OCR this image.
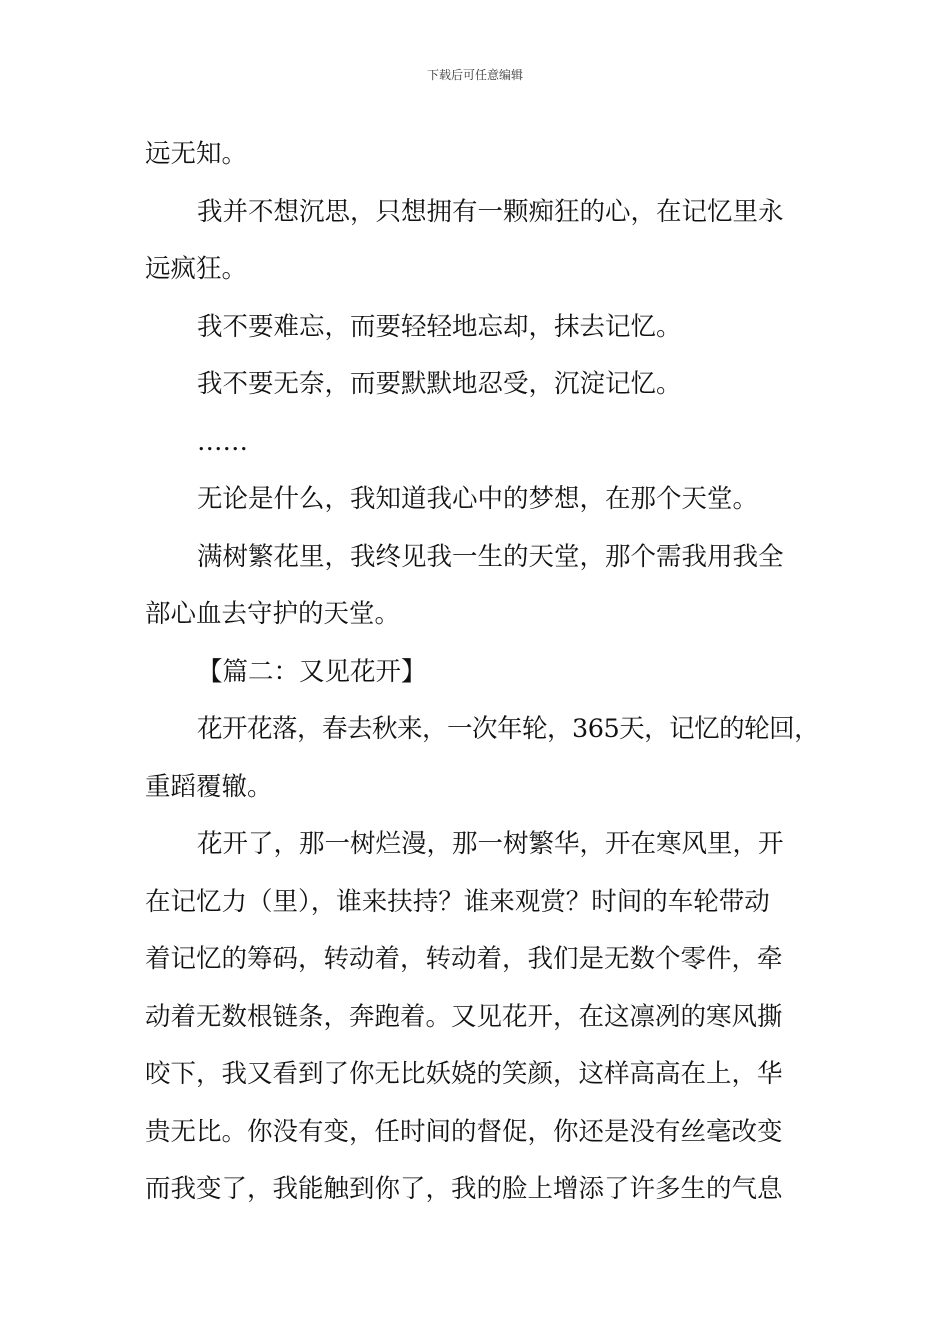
下载后可任意编辑
远无知。
我并不想沉思，只想拥有一颗痴狂的心，在记忆里永
远疯狂。
我不要难忘，而要轻轻地忘却，抹去记忆。
我不要无奈，而要默默地忍受，沉淀记忆。
……
无论是什么，我知道我心中的梦想，在那个天堂。
满树繁花里，我终见我一生的天堂，那个需我用我全
部心血去守护的天堂。
【篇二：又见花开】
花开花落，春去秋来，一次年轮，365天，记忆的轮回，
重蹈覆辙。
花开了，那一树烂漫，那一树繁华，开在寒风里，开
在记忆力（里），谁来扶持？谁来观赏？时间的车轮带动
着记忆的筹码，转动着，转动着，我们是无数个零件，牵
动着无数根链条，奔跑着。又见花开，在这凛冽的寒风撕
咬下，我又看到了你无比妖娆的笑颜，这样高高在上，华
贵无比。你没有变，任时间的督促，你还是没有丝毫改变
而我变了，我能触到你了，我的脸上增添了许多生的气息
